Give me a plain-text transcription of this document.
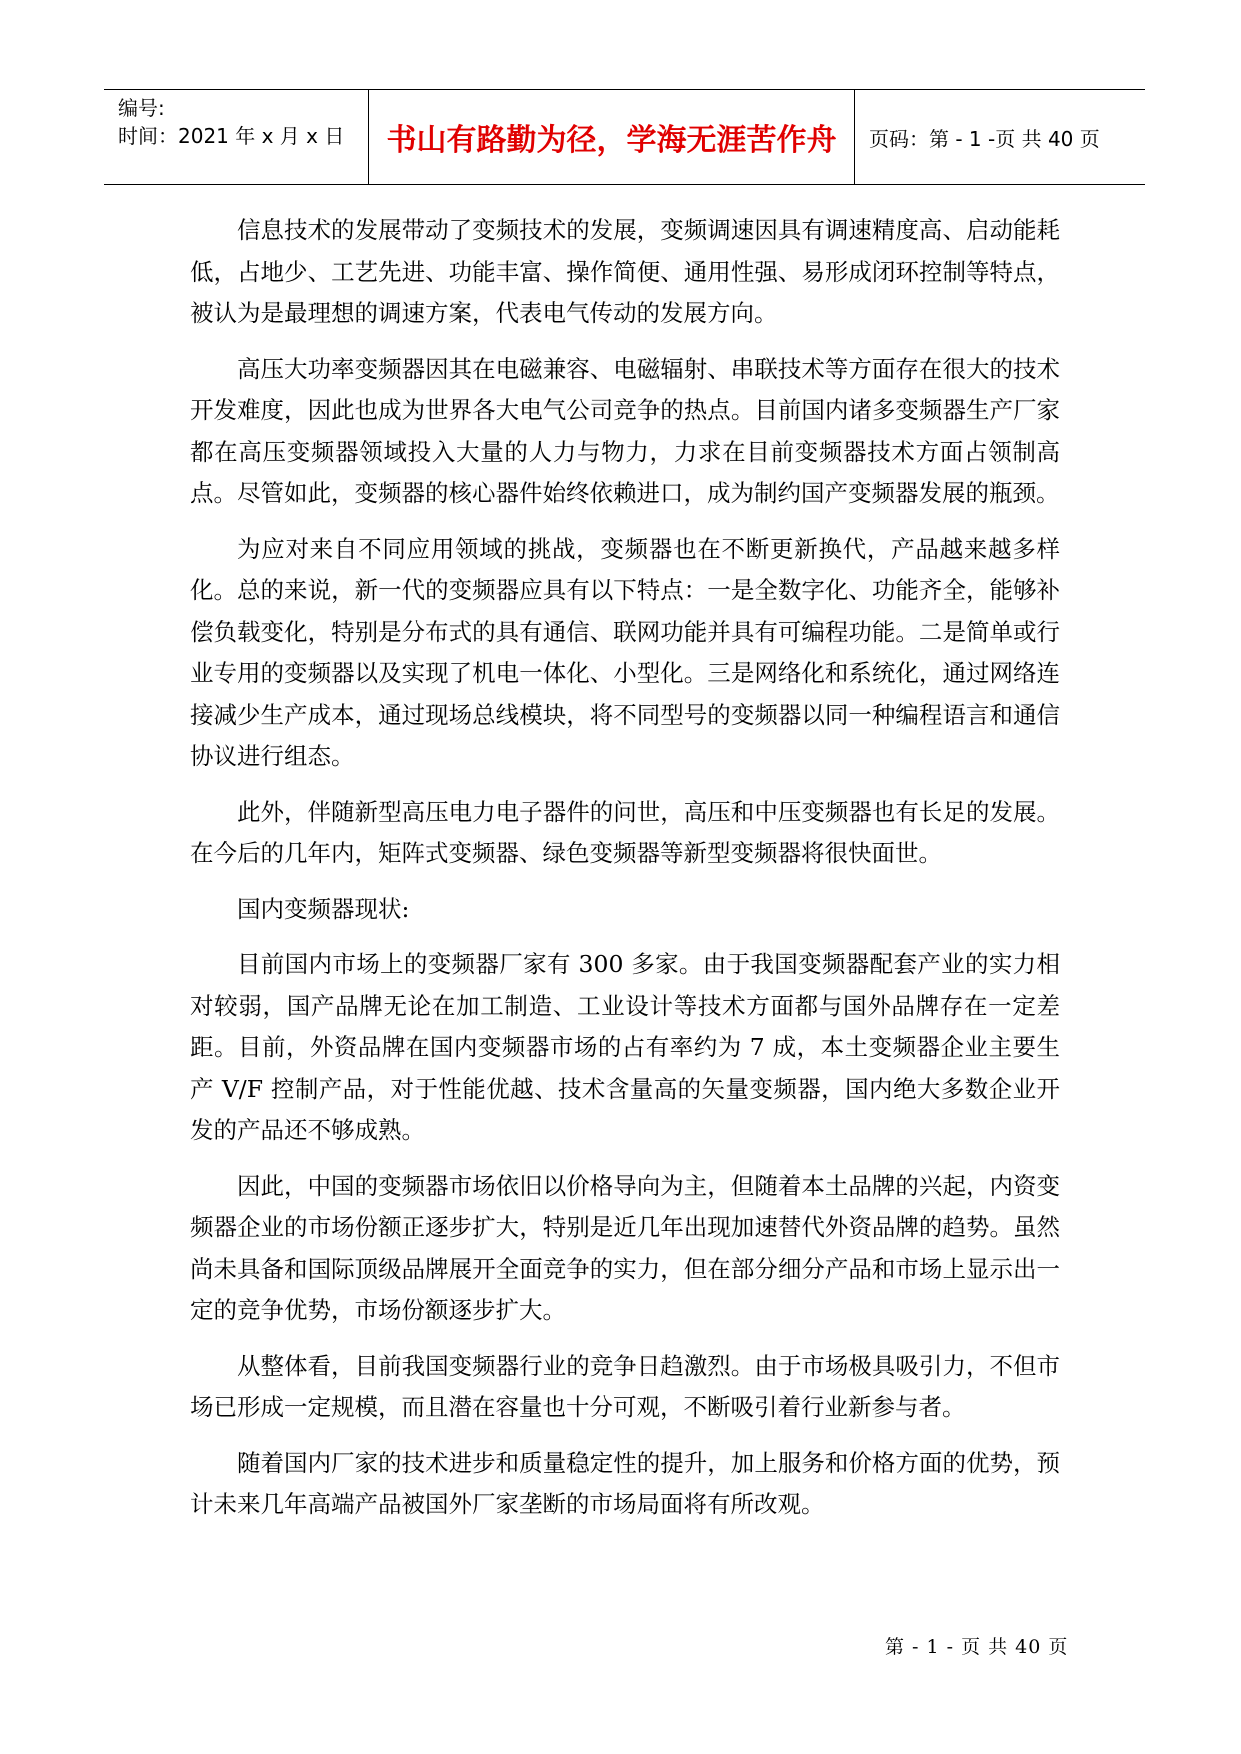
编号:
时间：2021 年 x 月 x 日	书山有路勤为径，学海无涯苦作舟 页码：第 - 1 -页 共 40 页

信息技术的发展带动了变频技术的发展，变频调速因具有调速精度高、启动能耗低，占地少、工艺先进、功能丰富、操作简便、通用性强、易形成闭环控制等特点，被认为是最理想的调速方案，代表电气传动的发展方向。

高压大功率变频器因其在电磁兼容、电磁辐射、串联技术等方面存在很大的技术开发难度，因此也成为世界各大电气公司竞争的热点。目前国内诸多变频器生产厂家都在高压变频器领域投入大量的人力与物力，力求在目前变频器技术方面占领制高点。尽管如此，变频器的核心器件始终依赖进口，成为制约国产变频器发展的瓶颈。

为应对来自不同应用领域的挑战，变频器也在不断更新换代，产品越来越多样化。总的来说，新一代的变频器应具有以下特点：一是全数字化、功能齐全，能够补偿负载变化，特别是分布式的具有通信、联网功能并具有可编程功能。二是简单或行业专用的变频器以及实现了机电一体化、小型化。三是网络化和系统化，通过网络连接减少生产成本，通过现场总线模块，将不同型号的变频器以同一种编程语言和通信协议进行组态。

此外，伴随新型高压电力电子器件的问世，高压和中压变频器也有长足的发展。在今后的几年内，矩阵式变频器、绿色变频器等新型变频器将很快面世。

国内变频器现状:

目前国内市场上的变频器厂家有 300 多家。由于我国变频器配套产业的实力相对较弱，国产品牌无论在加工制造、工业设计等技术方面都与国外品牌存在一定差距。目前，外资品牌在国内变频器市场的占有率约为 7 成，本土变频器企业主要生产 V/F 控制产品，对于性能优越、技术含量高的矢量变频器，国内绝大多数企业开发的产品还不够成熟。

因此，中国的变频器市场依旧以价格导向为主，但随着本土品牌的兴起，内资变频器企业的市场份额正逐步扩大，特别是近几年出现加速替代外资品牌的趋势。虽然尚未具备和国际顶级品牌展开全面竞争的实力，但在部分细分产品和市场上显示出一定的竞争优势，市场份额逐步扩大。

从整体看，目前我国变频器行业的竞争日趋激烈。由于市场极具吸引力，不但市场已形成一定规模，而且潜在容量也十分可观，不断吸引着行业新参与者。

随着国内厂家的技术进步和质量稳定性的提升，加上服务和价格方面的优势，预计未来几年高端产品被国外厂家垄断的市场局面将有所改观。

第 - 1 - 页 共 40 页
